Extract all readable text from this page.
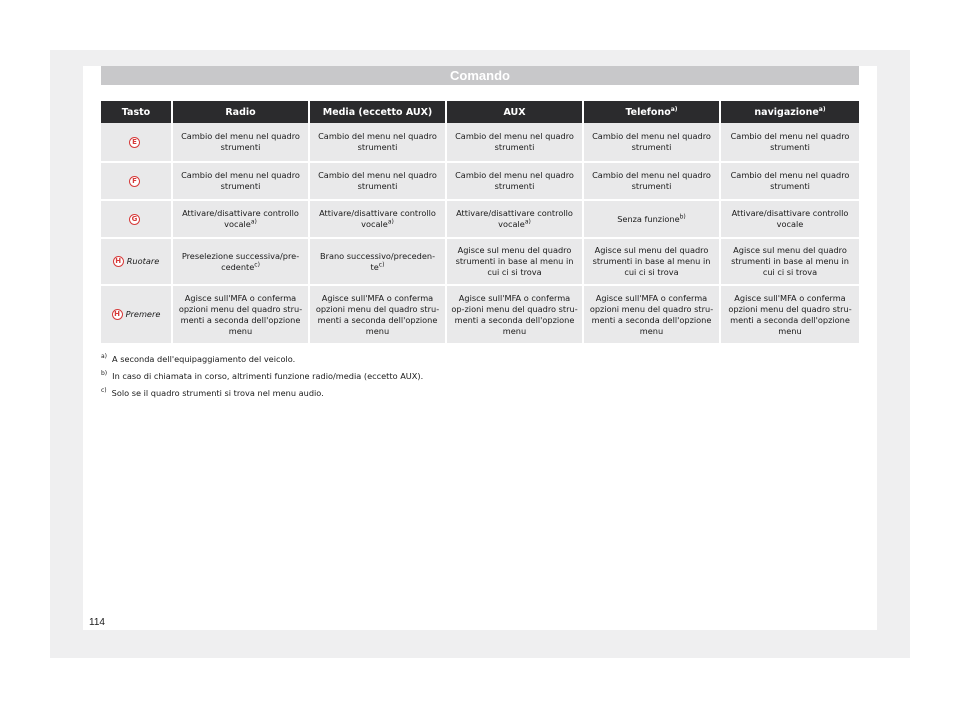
Comando
Tasto	Radio	Media (eccetto AUX)	AUX	Telefono$^{a)}$	navigazione$^{a)}$
E	Cambio del menu nel quadro strumenti	Cambio del menu nel quadro strumenti	Cambio del menu nel quadro strumenti	Cambio del menu nel quadro strumenti	Cambio del menu nel quadro strumenti
F	Cambio del menu nel quadro strumenti	Cambio del menu nel quadro strumenti	Cambio del menu nel quadro strumenti	Cambio del menu nel quadro strumenti	Cambio del menu nel quadro strumenti
G	Attivare/disattivare controllo vocale$^{a)}$	Attivare/disattivare controllo vocale$^{a)}$	Attivare/disattivare controllo vocale$^{a)}$	Senza funzione$^{b)}$	Attivare/disattivare controllo vocale
H Ruotare	Preselezione successiva/pre-cedente$^{c)}$	Brano successivo/$preceden-te^{c)}$	Agisce sul menu del quadro strumenti in base al menu in cui ci si trova	Agisce sul menu del quadro strumenti in base al menu in cui ci si trova	Agisce sul menu del quadro strumenti in base al menu in cui ci si trova
H Premere	Agisce sull'MFA o conferma opzioni menu del quadro stru-menti a seconda dell'opzione menu	Agisce sull'MFA o conferma opzioni menu del quadro stru-menti a seconda dell'opzione menu	Agisce sull'MFA o conferma op-zioni menu del quadro stru-menti a seconda dell'opzione menu	Agisce sull'MFA o conferma opzioni menu del quadro stru-menti a seconda dell'opzione menu	Agisce sull'MFA o conferma opzioni menu del quadro stru-menti a seconda dell'opzione menu
$^{a)}$ A seconda dell'equipaggiamento del veicolo.
$^{b)}$ In caso di chiamata in corso, altrimenti funzione radio/media (eccetto AUX).
$^{c)}$ Solo se il quadro strumenti si trova nel menu audio.
114
